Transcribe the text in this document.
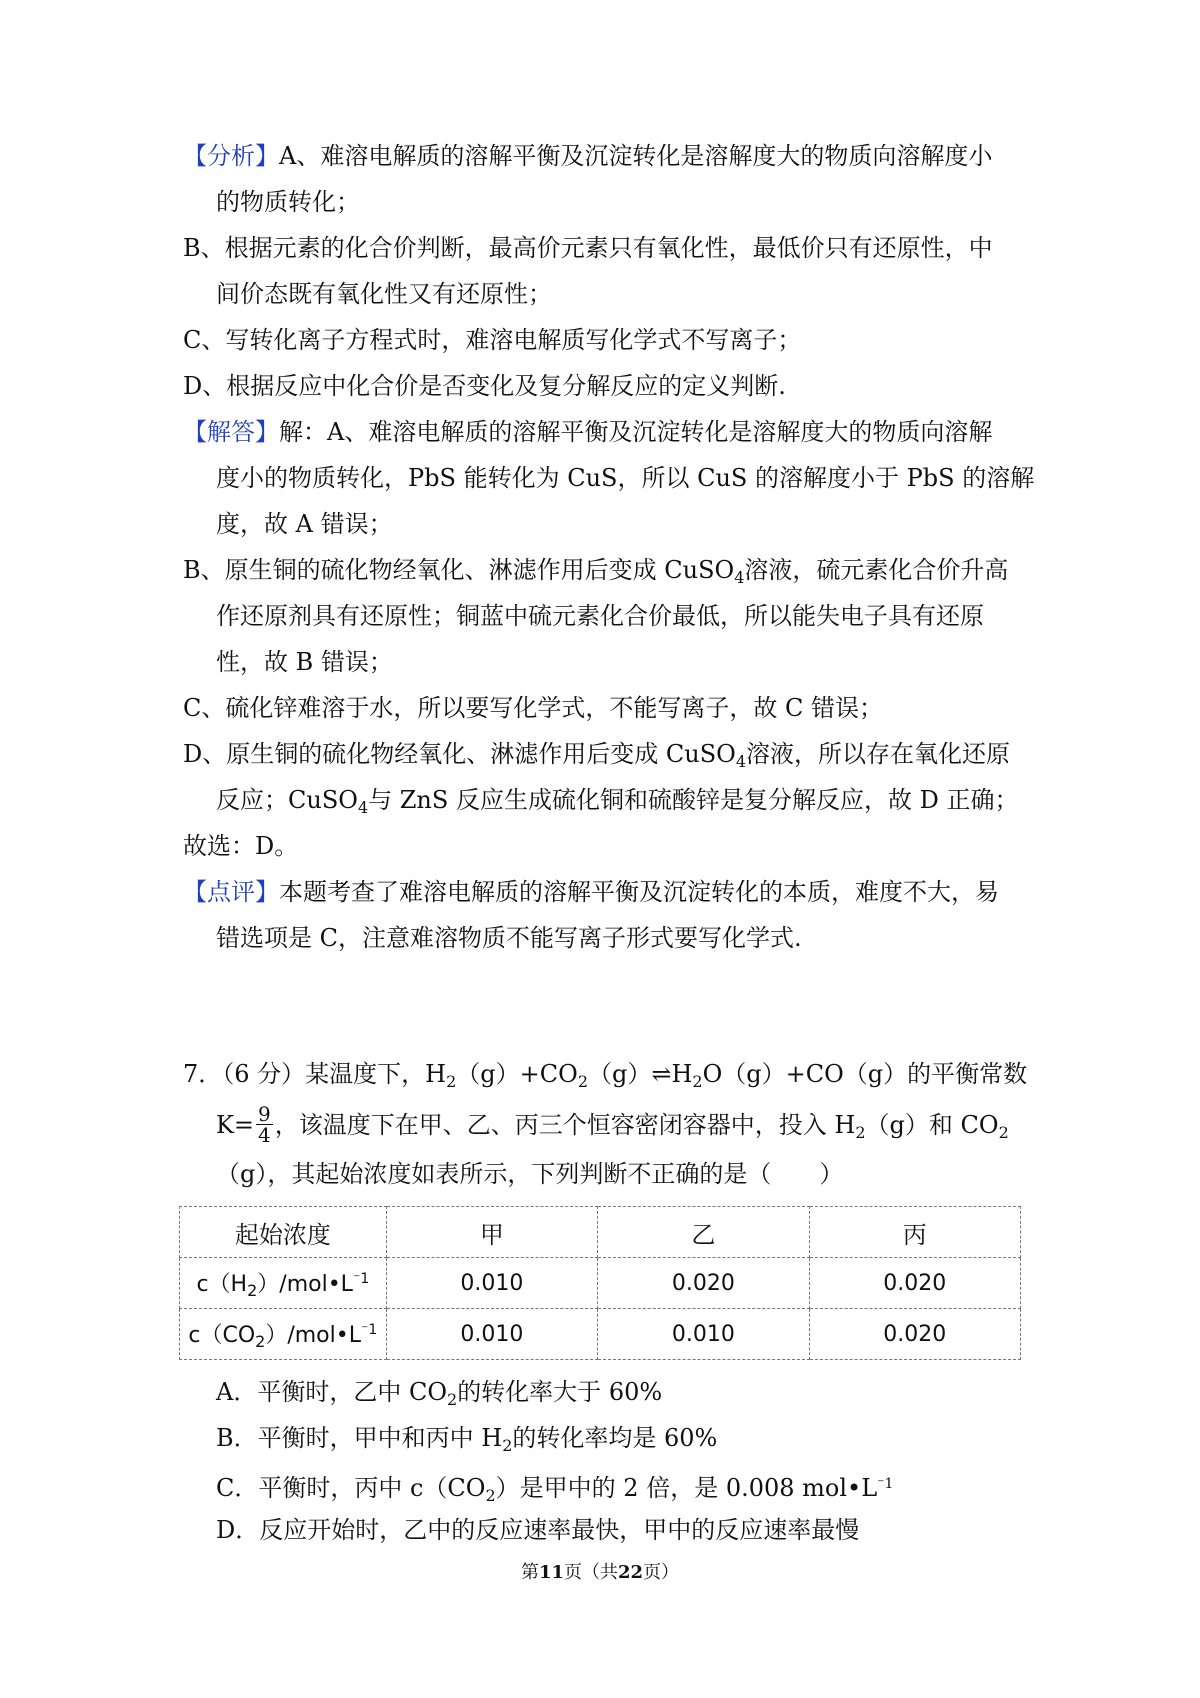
【分析】A、难溶电解质的溶解平衡及沉淀转化是溶解度大的物质向溶解度小
的物质转化；
B、根据元素的化合价判断，最高价元素只有氧化性，最低价只有还原性，中
间价态既有氧化性又有还原性；
C、写转化离子方程式时，难溶电解质写化学式不写离子；
D、根据反应中化合价是否变化及复分解反应的定义判断.
【解答】解：A、难溶电解质的溶解平衡及沉淀转化是溶解度大的物质向溶解
度小的物质转化，PbS 能转化为 CuS，所以 CuS 的溶解度小于 PbS 的溶解
度，故 A 错误；
B、原生铜的硫化物经氧化、淋滤作用后变成 CuSO$_4$溶液，硫元素化合价升高
作还原剂具有还原性；铜蓝中硫元素化合价最低，所以能失电子具有还原
性，故 B 错误；
C、硫化锌难溶于水，所以要写化学式，不能写离子，故 C 错误；
D、原生铜的硫化物经氧化、淋滤作用后变成 CuSO$_4$溶液，所以存在氧化还原
反应；CuSO$_4$与 ZnS 反应生成硫化铜和硫酸锌是复分解反应，故 D 正确；
故选：D。
【点评】本题考查了难溶电解质的溶解平衡及沉淀转化的本质，难度不大，易
错选项是 C，注意难溶物质不能写离子形式要写化学式.
7．（6 分）某温度下，$H_2(g)+CO_2(g)\rightleftharpoons H_2O(g)+CO(g)$的平衡常数
$K= \frac{9}{4}$ ，该温度下在甲、乙、丙三个恒容密闭容器中，投入 $H_2(g)$和 $CO_2$
（g），其起始浓度如表所示，下列判断不正确的是（　　）
起始浓度	甲	乙	丙
$c(H_2)/mol•L^{^-1}$	0.010	0.020	0.020
$c(CO_2)/mol•L^{^-1}$	0.010	0.010	0.020
A．平衡时，乙中 $CO_2$的转化率大于 60%
B．平衡时，甲中和丙中 $H_2$的转化率均是 60%
C．平衡时，丙中 $c(CO_2)$是甲中的 2 倍，是 0.008 $mol•L^{^-1}$
D．反应开始时，乙中的反应速率最快，甲中的反应速率最慢
第11页（共22页）
